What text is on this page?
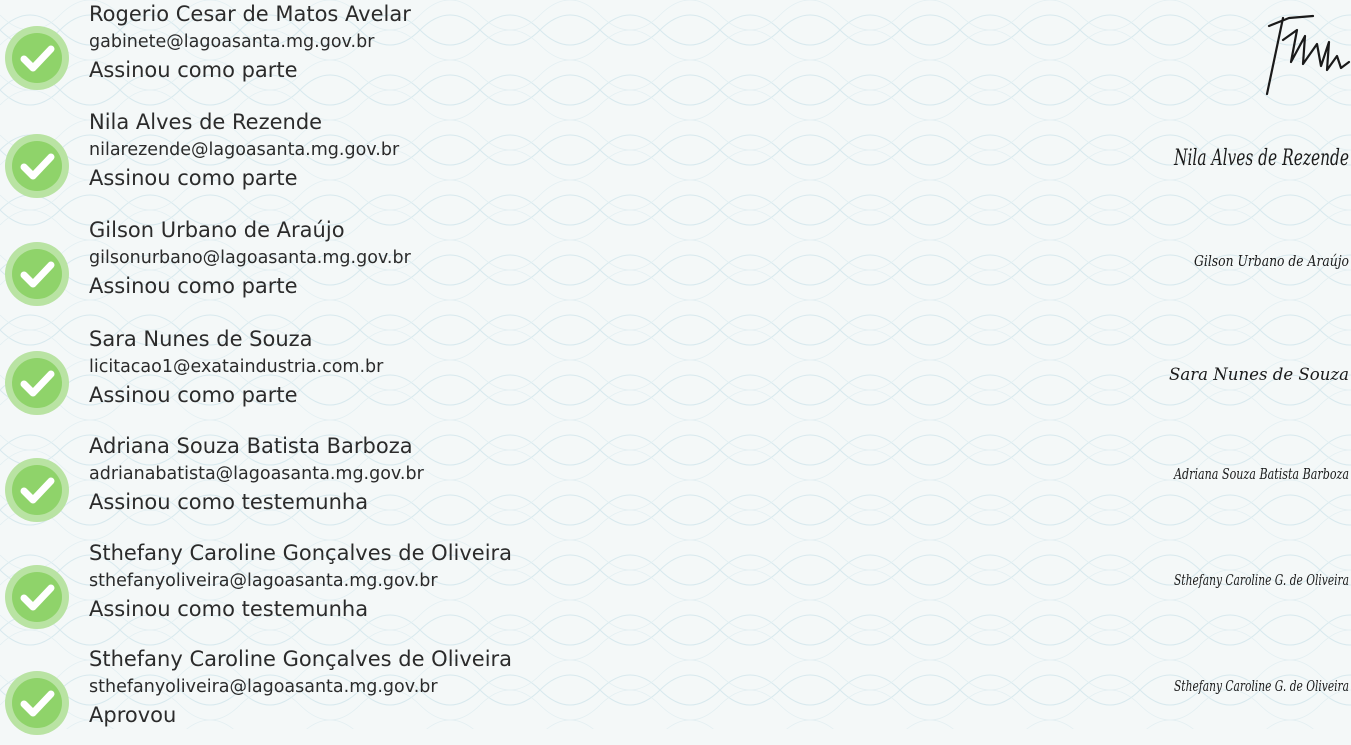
Rogerio Cesar de Matos Avelar
gabinete@lagoasanta.mg.gov.br
Assinou como parte
Nila Alves de Rezende
nilarezende@lagoasanta.mg.gov.br
Assinou como parte
Nila Alves de Rezende
Gilson Urbano de Araújo
gilsonurbano@lagoasanta.mg.gov.br
Assinou como parte
Gilson Urbano de Araújo
Sara Nunes de Souza
licitacao1@exataindustria.com.br
Assinou como parte
Sara Nunes de Souza
Adriana Souza Batista Barboza
adrianabatista@lagoasanta.mg.gov.br
Assinou como testemunha
Adriana Souza Batista Barboza
Sthefany Caroline Gonçalves de Oliveira
sthefanyoliveira@lagoasanta.mg.gov.br
Assinou como testemunha
Sthefany Caroline G. de Oliveira
Sthefany Caroline Gonçalves de Oliveira
sthefanyoliveira@lagoasanta.mg.gov.br
Aprovou
Sthefany Caroline G. de Oliveira
